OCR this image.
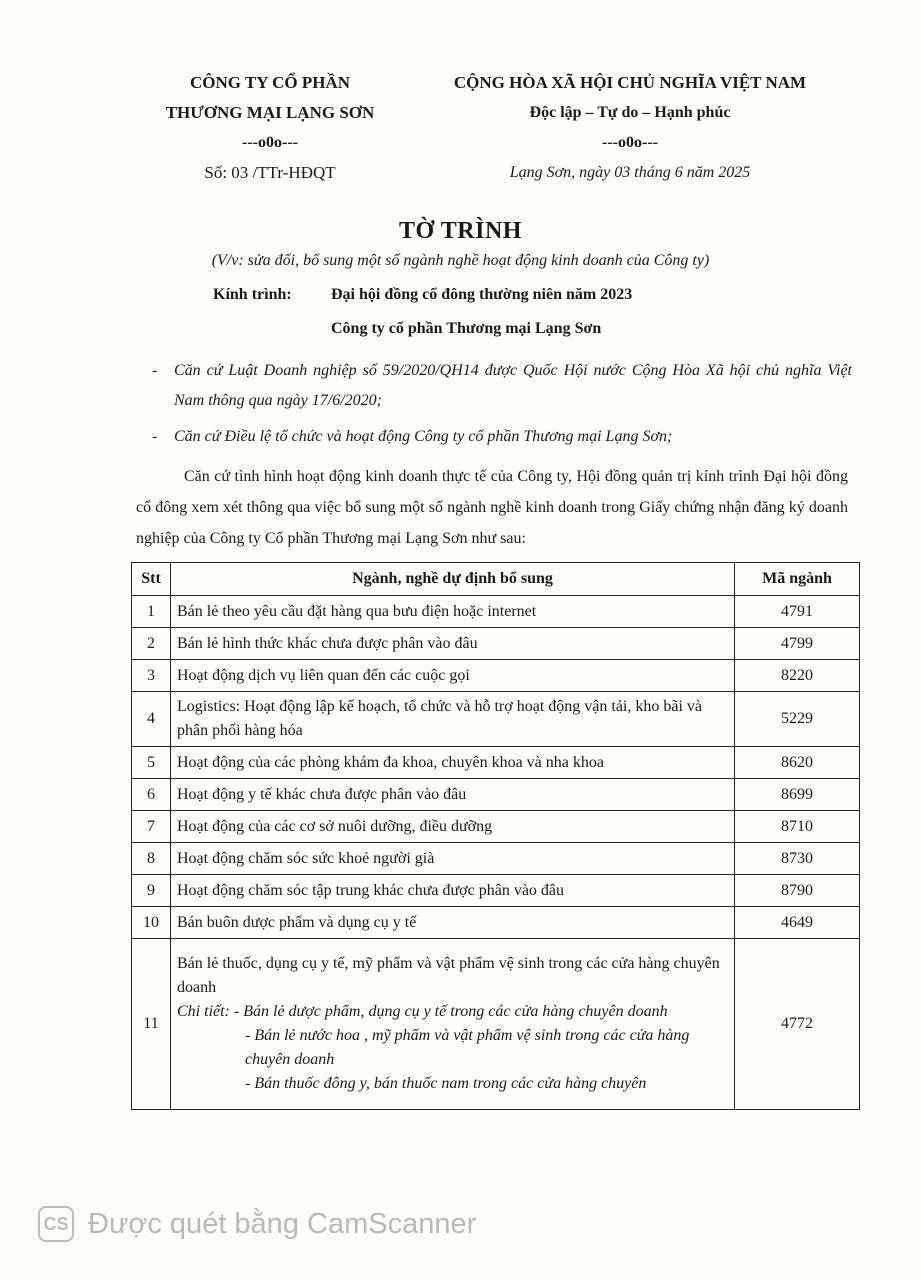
CÔNG TY CỔ PHẦN
THƯƠNG MẠI LẠNG SƠN
---o0o---
Số: 03 /TTr-HĐQT
CỘNG HÒA XÃ HỘI CHỦ NGHĨA VIỆT NAM
Độc lập – Tự do – Hạnh phúc
---o0o---
Lạng Sơn, ngày 03 tháng 6 năm 2025
TỜ TRÌNH
(V/v: sửa đổi, bổ sung một số ngành nghề hoạt động kinh doanh của Công ty)
Kính trình: Đại hội đồng cổ đông thường niên năm 2023
Công ty cổ phần Thương mại Lạng Sơn
-	Căn cứ Luật Doanh nghiệp số 59/2020/QH14 được Quốc Hội nước Cộng Hòa Xã hội chủ nghĩa Việt Nam thông qua ngày 17/6/2020;
-	Căn cứ Điều lệ tổ chức và hoạt động Công ty cổ phần Thương mại Lạng Sơn;
Căn cứ tình hình hoạt động kinh doanh thực tế của Công ty, Hội đồng quản trị kính trình Đại hội đồng cổ đông xem xét thông qua việc bổ sung một số ngành nghề kinh doanh trong Giấy chứng nhận đăng ký doanh nghiệp của Công ty Cổ phần Thương mại Lạng Sơn như sau:
Stt	Ngành, nghề dự định bổ sung	Mã ngành
1	Bán lẻ theo yêu cầu đặt hàng qua bưu điện hoặc internet	4791
2	Bán lẻ hình thức khác chưa được phân vào đâu	4799
3	Hoạt động dịch vụ liên quan đến các cuộc gọi	8220
4	Logistics: Hoạt động lập kế hoạch, tổ chức và hỗ trợ hoạt động vận tải, kho bãi và phân phối hàng hóa	5229
5	Hoạt động của các phòng khám đa khoa, chuyên khoa và nha khoa	8620
6	Hoạt động y tế khác chưa được phân vào đâu	8699
7	Hoạt động của các cơ sở nuôi dưỡng, điều dưỡng	8710
8	Hoạt động chăm sóc sức khoẻ người già	8730
9	Hoạt động chăm sóc tập trung khác chưa được phân vào đâu	8790
10	Bán buôn dược phẩm và dụng cụ y tế	4649
11	Bán lẻ thuốc, dụng cụ y tế, mỹ phẩm và vật phẩm vệ sinh trong các cửa hàng chuyên doanh
Chi tiết: - Bán lẻ dược phẩm, dụng cụ y tế trong các cửa hàng chuyên doanh
- Bán lẻ nước hoa , mỹ phẩm và vật phẩm vệ sinh trong các cửa hàng chuyên doanh
- Bán thuốc đông y, bán thuốc nam trong các cửa hàng chuyên	4772
CS Được quét bằng CamScanner
